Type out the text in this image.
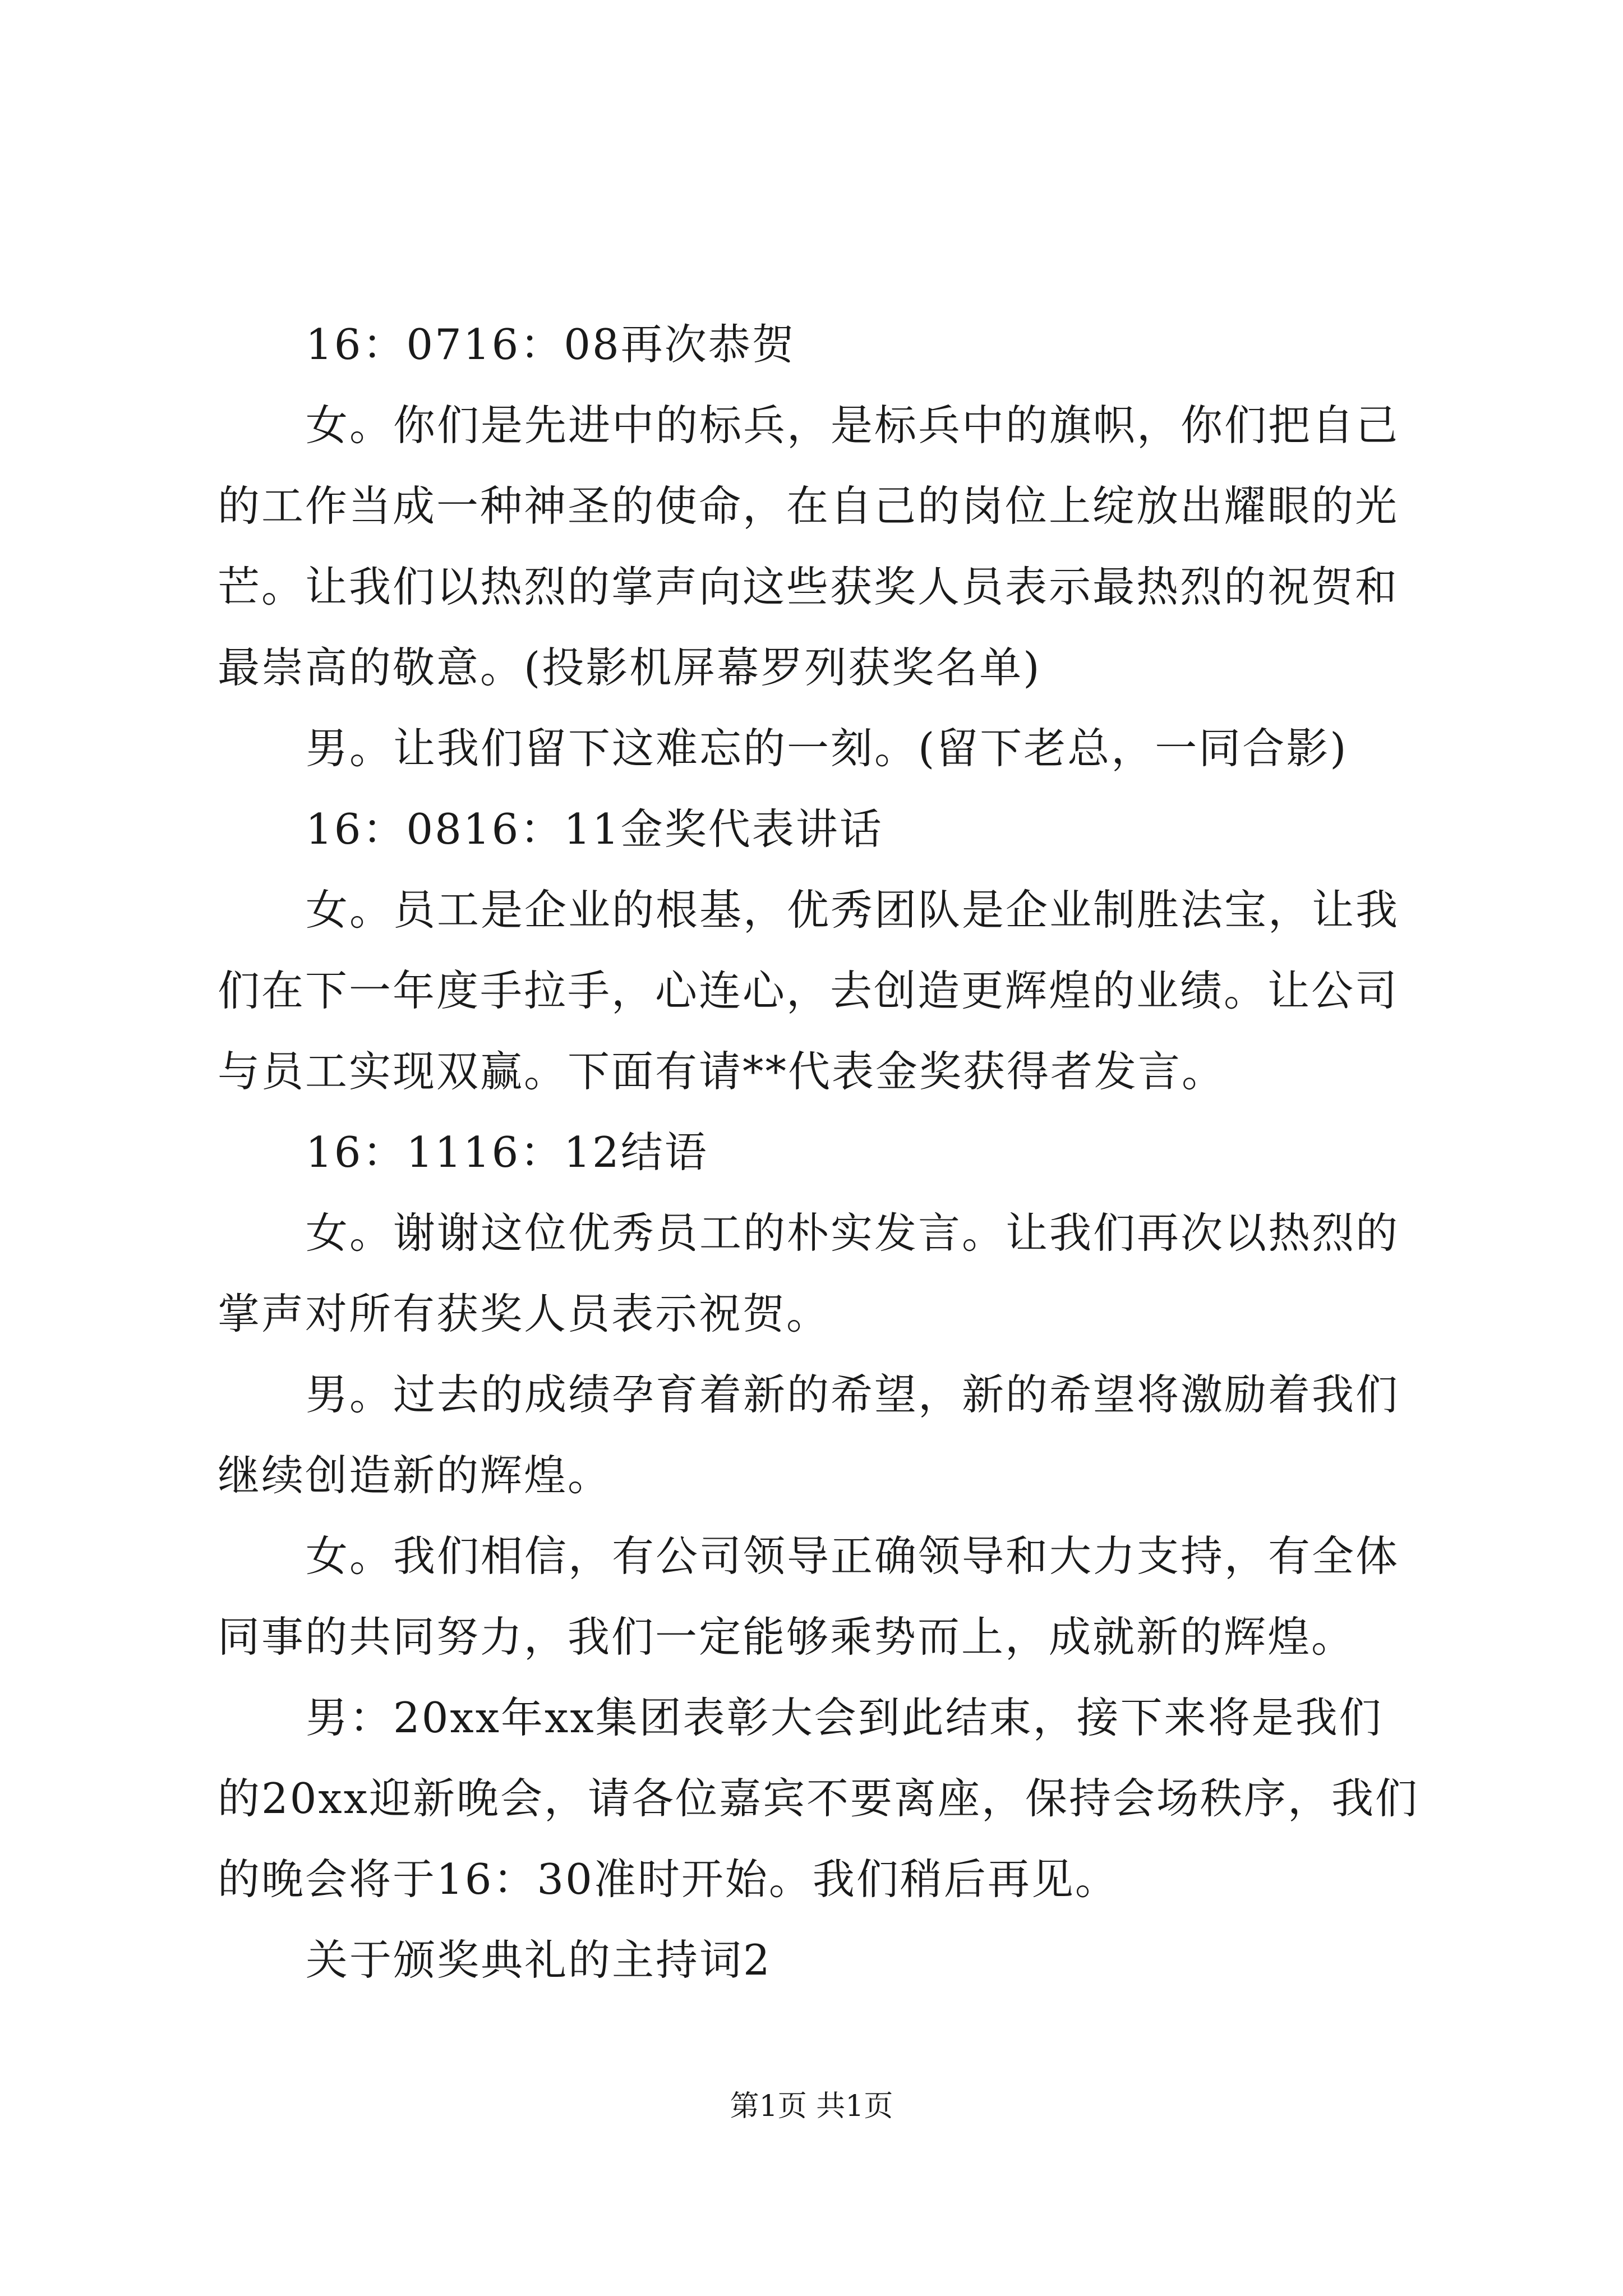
16：0716：08再次恭贺

女。你们是先进中的标兵，是标兵中的旗帜，你们把自己的工作当成一种神圣的使命，在自己的岗位上绽放出耀眼的光芒。让我们以热烈的掌声向这些获奖人员表示最热烈的祝贺和最崇高的敬意。(投影机屏幕罗列获奖名单)

男。让我们留下这难忘的一刻。(留下老总，一同合影)

16：0816：11金奖代表讲话

女。员工是企业的根基，优秀团队是企业制胜法宝，让我们在下一年度手拉手，心连心，去创造更辉煌的业绩。让公司与员工实现双赢。下面有请**代表金奖获得者发言。

16：1116：12结语

女。谢谢这位优秀员工的朴实发言。让我们再次以热烈的掌声对所有获奖人员表示祝贺。

男。过去的成绩孕育着新的希望，新的希望将激励着我们继续创造新的辉煌。

女。我们相信，有公司领导正确领导和大力支持，有全体同事的共同努力，我们一定能够乘势而上，成就新的辉煌。

男：20xx年xx集团表彰大会到此结束，接下来将是我们的20xx迎新晚会，请各位嘉宾不要离座，保持会场秩序，我们的晚会将于16：30准时开始。我们稍后再见。

关于颁奖典礼的主持词2

第1页 共1页
